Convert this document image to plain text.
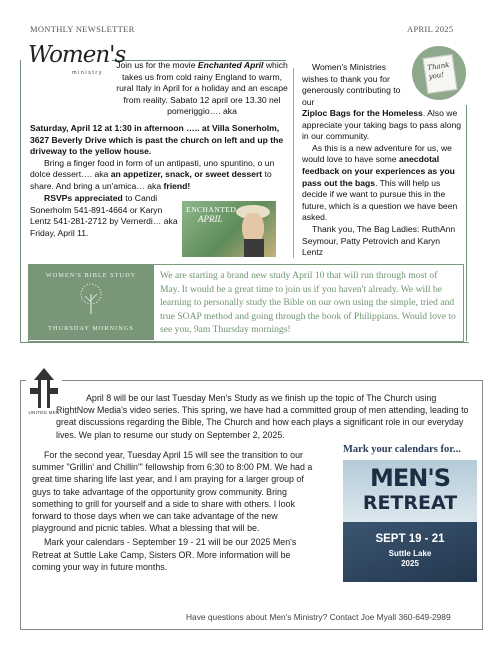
MONTHLY NEWSLETTER	APRIL 2025
Women's
ministry
Join us for the movie Enchanted April which takes us from cold rainy England to warm, rural Italy in April for a holiday and an escape from reality. Sabato 12 april ore 13.30 nel pomeriggio…. aka

Saturday, April 12 at 1:30 in afternoon ….. at Villa Sonerholm, 3627 Beverly Drive which is past the church on left and up the driveway to the yellow house.

Bring a finger food in form of un antipasti, uno spuntino, o un dolce dessert…. aka an appetizer, snack, or sweet dessert to share. And bring a un'amica… aka friend!

RSVPs appreciated to Candi Sonerholm 541-891-4664 or Karyn Lentz 541-281-2712 by Vernerdi… aka Friday, April 11.

ENCHANTED
APRIL
Thank you!

Women's Ministries wishes to thank you for generously contributing to our

Ziploc Bags for the Homeless. Also we appreciate your taking bags to pass along in our community.

As this is a new adventure for us, we would love to have some anecdotal feedback on your experiences as you pass out the bags. This will help us decide if we want to pursue this in the future, which is a question we have been asked.

Thank you, The Bag Ladies: RuthAnn Seymour, Patty Petrovich and Karyn Lentz

WOMEN'S BIBLE STUDY
THURSDAY MORNINGS
We are starting a brand new study April 10 that will run through most of May. It would be a great time to join us if you haven't already. We will be learning to personally study the Bible on our own using the simple, tried and true SOAP method and going through the book of Philippians. Would love to see you, 9am Thursday mornings!
UNITED MEN

April 8 will be our last Tuesday Men's Study as we finish up the topic of The Church using RightNow Media's video series. This spring, we have had a committed group of men attending, leading to great discussions regarding the Bible, The Church and how each plays a significant role in our everyday lives. We plan to resume our study on September 2, 2025.

For the second year, Tuesday April 15 will see the transition to our summer "Grillin' and Chillin'" fellowship from 6:30 to 8:00 PM. We had a great time sharing life last year, and I am praying for a larger group of guys to take advantage of the opportunity grow community. Bring something to grill for yourself and a side to share with others. I look forward to those days when we can take advantage of the new playground and picnic tables. What a blessing that will be.

Mark your calendars - September 19 - 21 will be our 2025 Men's Retreat at Suttle Lake Camp, Sisters OR. More information will be coming your way in future months.

Mark your calendars for...
MEN'S
RETREAT
SEPT 19 - 21
Suttle Lake
2025
Have questions about Men's Ministry? Contact Joe Myall 360-649-2989
